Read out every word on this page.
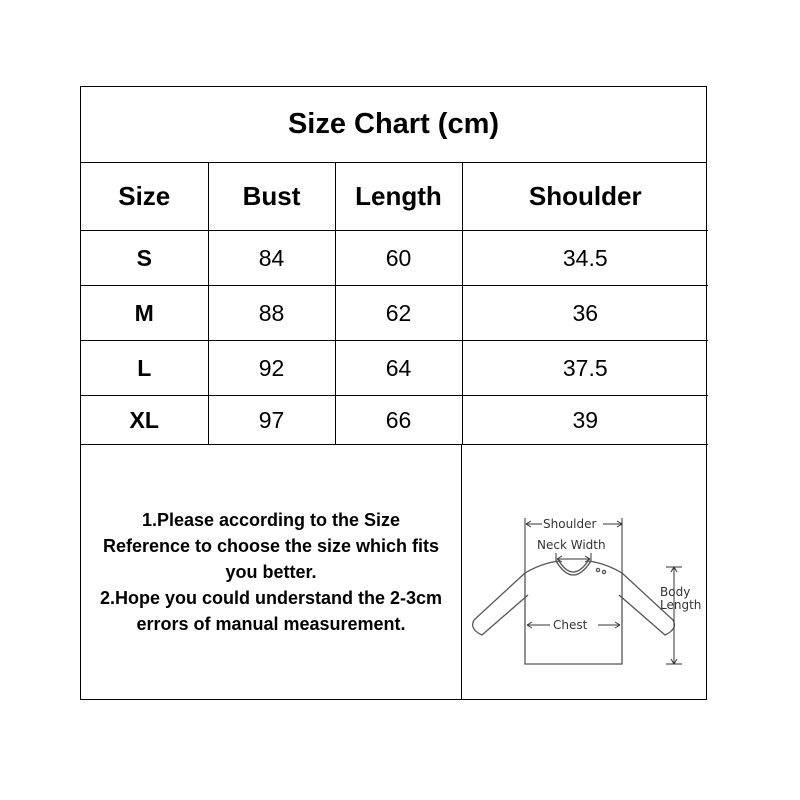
Size Chart (cm)
Size	Bust	Length	Shoulder
S	84	60	34.5
M	88	62	36
L	92	64	37.5
XL	97	66	39
1.Please according to the Size
Reference to choose the size which fits
you better.
2.Hope you could understand the 2-3cm
errors of manual measurement.
Shoulder
Neck Width
Chest
Body
Length
